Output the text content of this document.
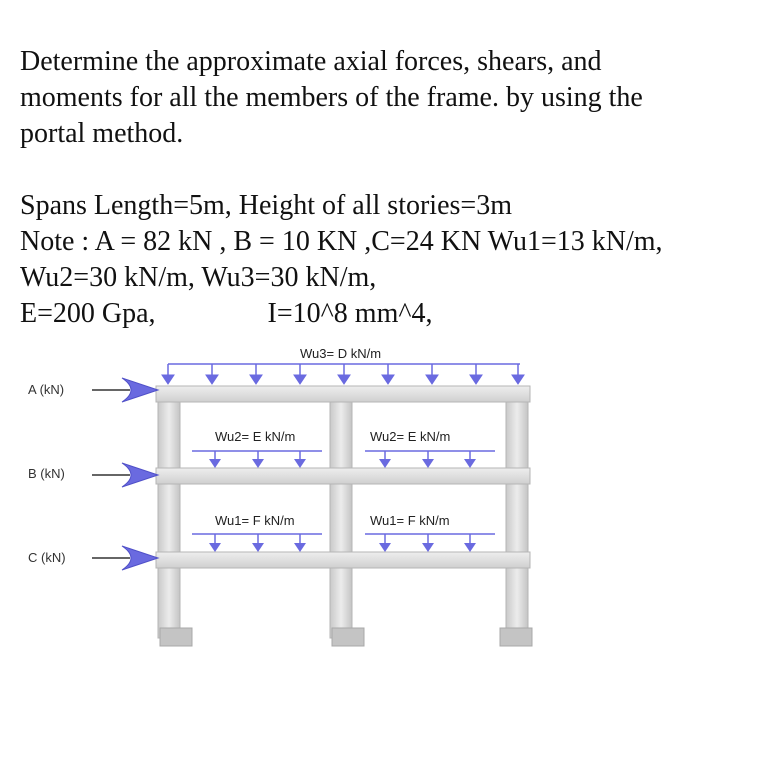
Determine the approximate axial forces, shears, and

moments for all the members of the frame. by using the

portal method.

Spans Length=5m, Height of all stories=3m

Note : A = 82 kN , B = 10 KN ,C=24 KN Wu1=13 kN/m,

Wu2=30 kN/m, Wu3=30 kN/m,

E=200 Gpa,	I=10^8 mm^4,

Wu3= D kN/m
Wu2= E kN/m	Wu2= E kN/m
Wu1= F kN/m	Wu1= F kN/m
A (kN)
B (kN)
C (kN)
